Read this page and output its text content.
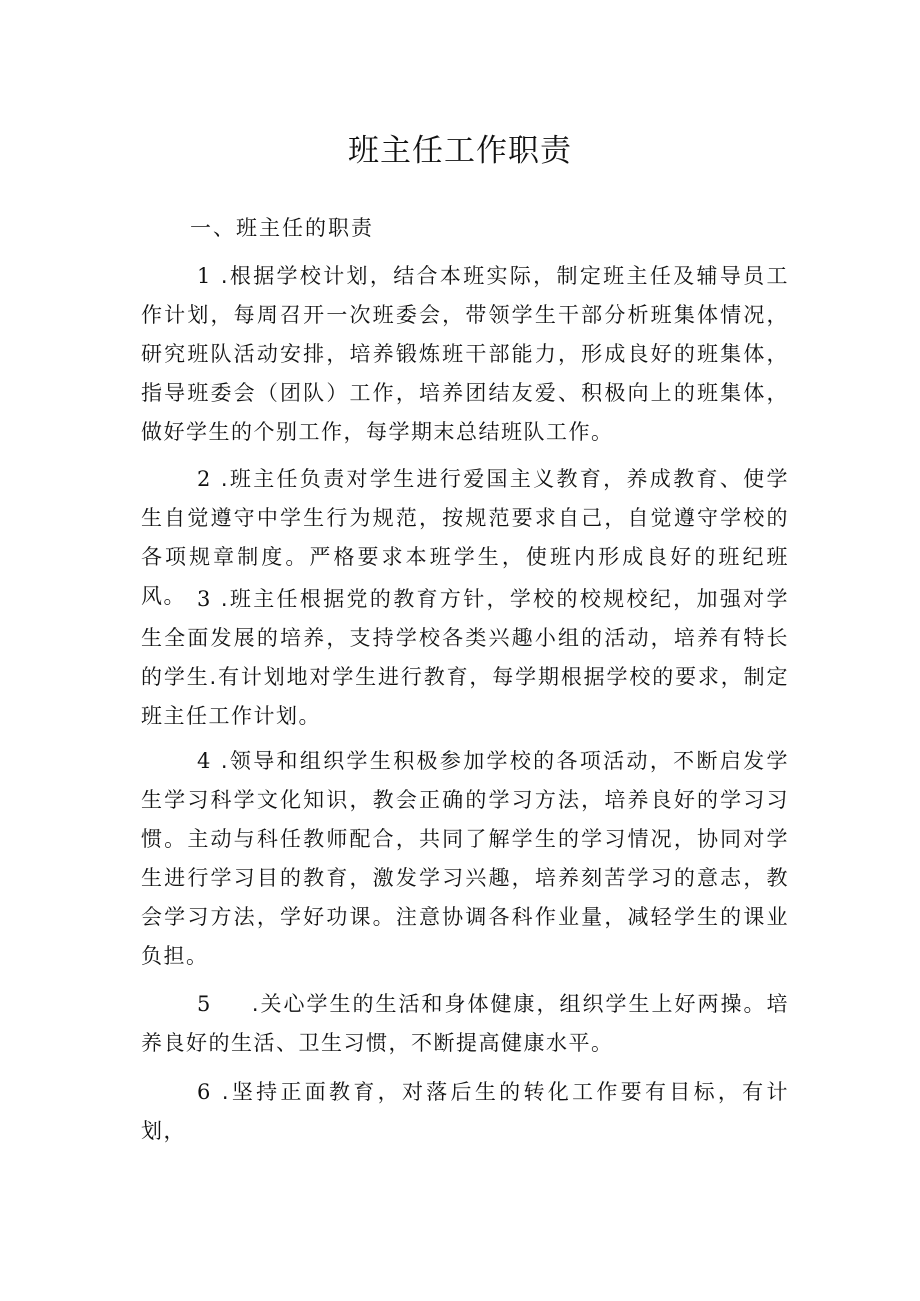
班主任工作职责
一、班主任的职责
1 .根据学校计划，结合本班实际，制定班主任及辅导员工作计划，每周召开一次班委会，带领学生干部分析班集体情况，研究班队活动安排，培养锻炼班干部能力，形成良好的班集体，指导班委会（团队）工作，培养团结友爱、积极向上的班集体，做好学生的个别工作，每学期末总结班队工作。
2 .班主任负责对学生进行爱国主义教育，养成教育、使学生自觉遵守中学生行为规范，按规范要求自己，自觉遵守学校的各项规章制度。严格要求本班学生，使班内形成良好的班纪班风。 3 .班主任根据党的教育方针，学校的校规校纪，加强对学生全面发展的培养，支持学校各类兴趣小组的活动，培养有特长的学生.有计划地对学生进行教育，每学期根据学校的要求，制定班主任工作计划。
4 .领导和组织学生积极参加学校的各项活动，不断启发学生学习科学文化知识，教会正确的学习方法，培养良好的学习习惯。主动与科任教师配合，共同了解学生的学习情况，协同对学生进行学习目的教育，激发学习兴趣，培养刻苦学习的意志，教会学习方法，学好功课。注意协调各科作业量，减轻学生的课业负担。
5 .关心学生的生活和身体健康，组织学生上好两操。培养良好的生活、卫生习惯，不断提高健康水平。
6 .坚持正面教育，对落后生的转化工作要有目标，有计划，
